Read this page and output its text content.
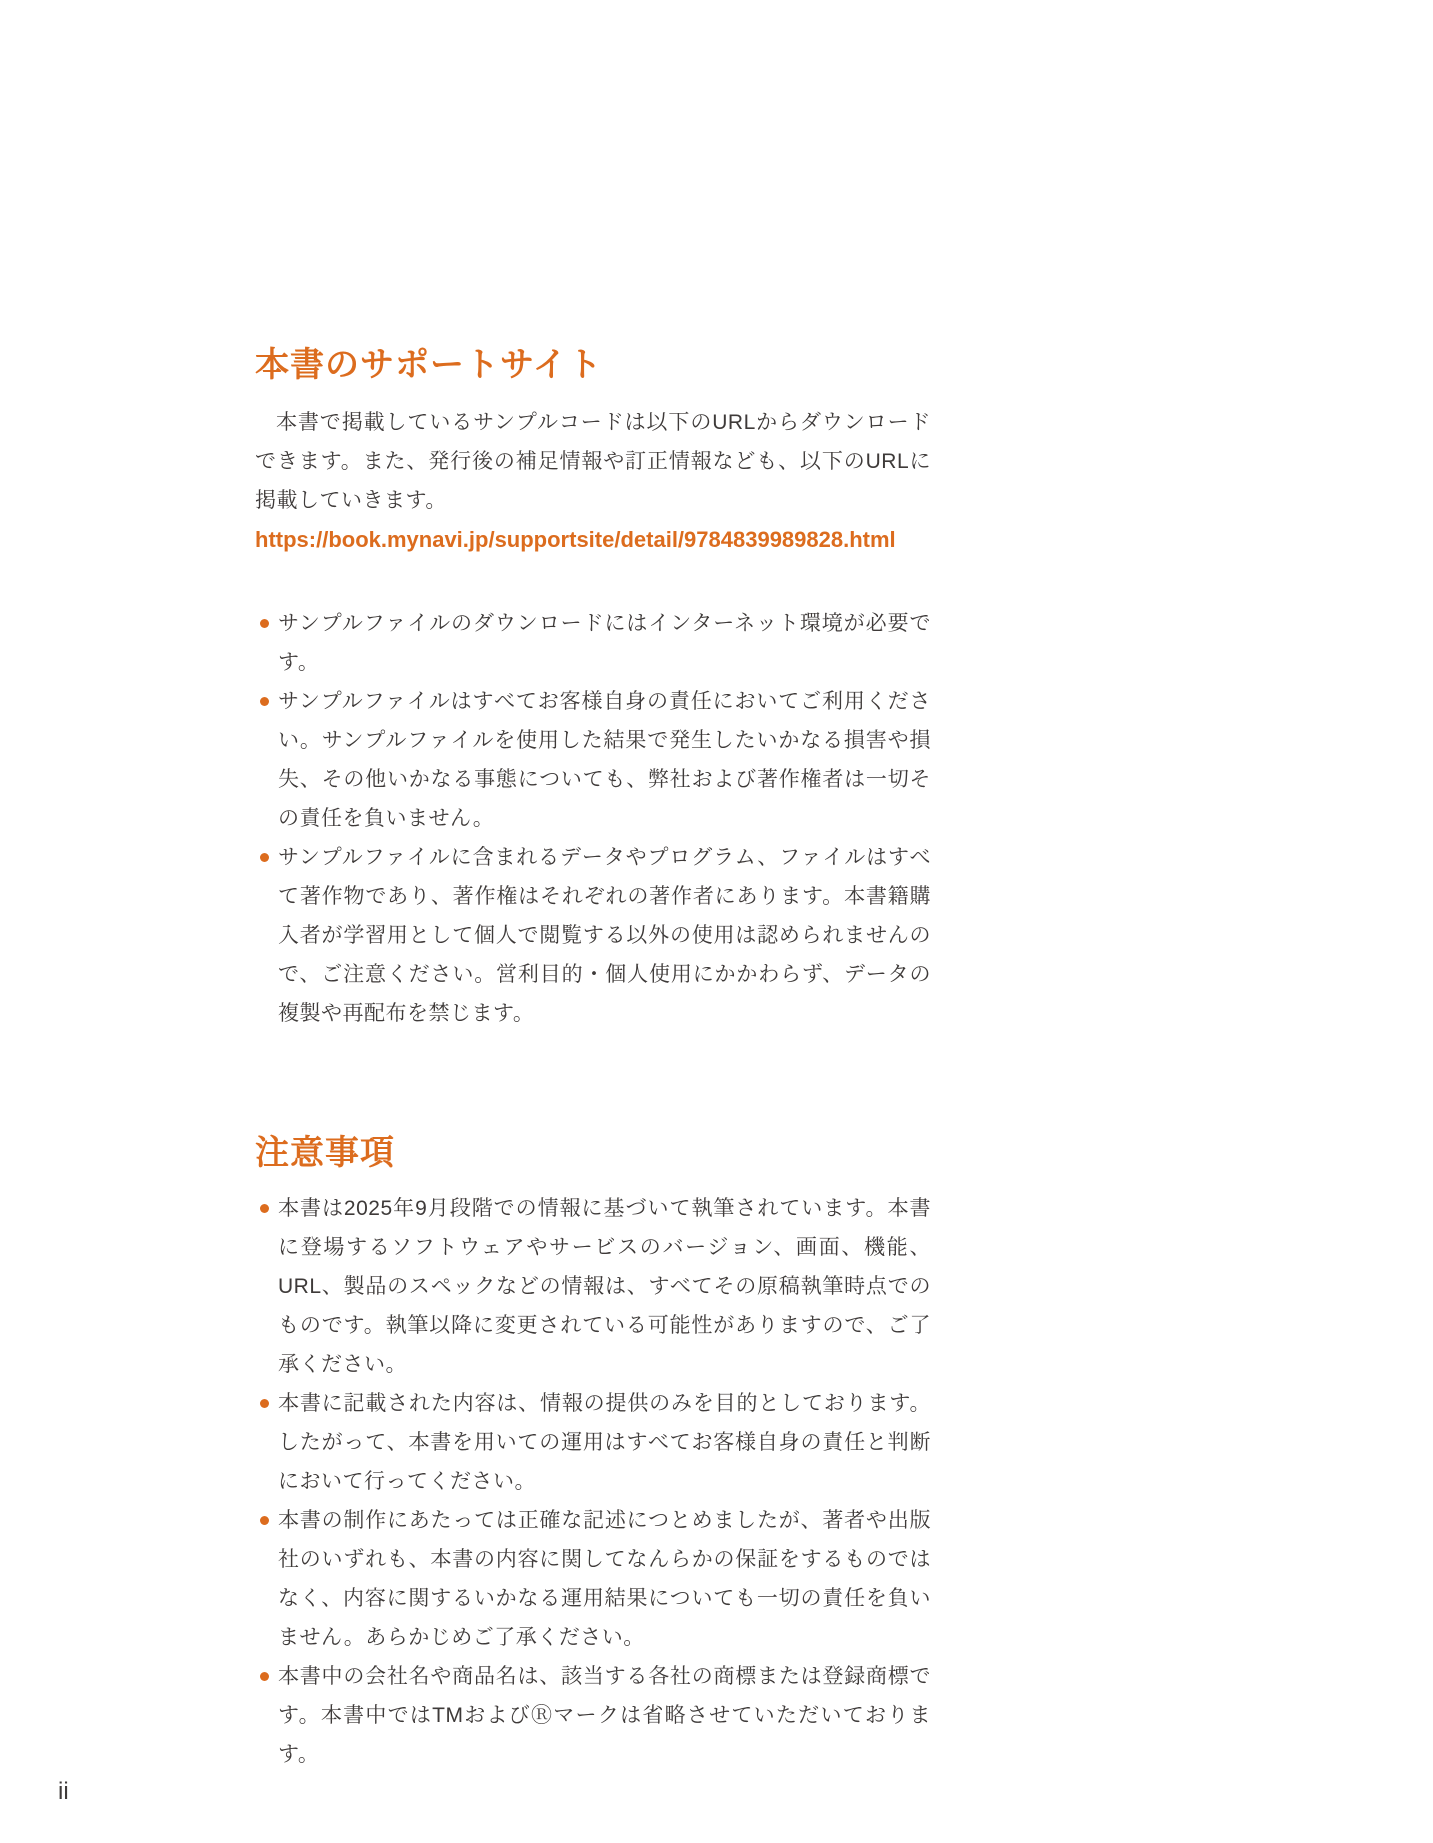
本書のサポートサイト

本書で掲載しているサンプルコードは以下のURLからダウンロードできます。また、発行後の補足情報や訂正情報なども、以下のURLに掲載していきます。

https://book.mynavi.jp/supportsite/detail/9784839989828.html
サンプルファイルのダウンロードにはインターネット環境が必要です。
サンプルファイルはすべてお客様自身の責任においてご利用ください。サンプルファイルを使用した結果で発生したいかなる損害や損失、その他いかなる事態についても、弊社および著作権者は一切その責任を負いません。
サンプルファイルに含まれるデータやプログラム、ファイルはすべて著作物であり、著作権はそれぞれの著作者にあります。本書籍購入者が学習用として個人で閲覧する以外の使用は認められませんので、ご注意ください。営利目的・個人使用にかかわらず、データの複製や再配布を禁じます。
注意事項
本書は2025年9月段階での情報に基づいて執筆されています。本書に登場するソフトウェアやサービスのバージョン、画面、機能、URL、製品のスペックなどの情報は、すべてその原稿執筆時点でのものです。執筆以降に変更されている可能性がありますので、ご了承ください。
本書に記載された内容は、情報の提供のみを目的としております。したがって、本書を用いての運用はすべてお客様自身の責任と判断において行ってください。
本書の制作にあたっては正確な記述につとめましたが、著者や出版社のいずれも、本書の内容に関してなんらかの保証をするものではなく、内容に関するいかなる運用結果についても一切の責任を負いません。あらかじめご了承ください。
本書中の会社名や商品名は、該当する各社の商標または登録商標です。本書中ではTMおよびⓇマークは省略させていただいております。
ii
